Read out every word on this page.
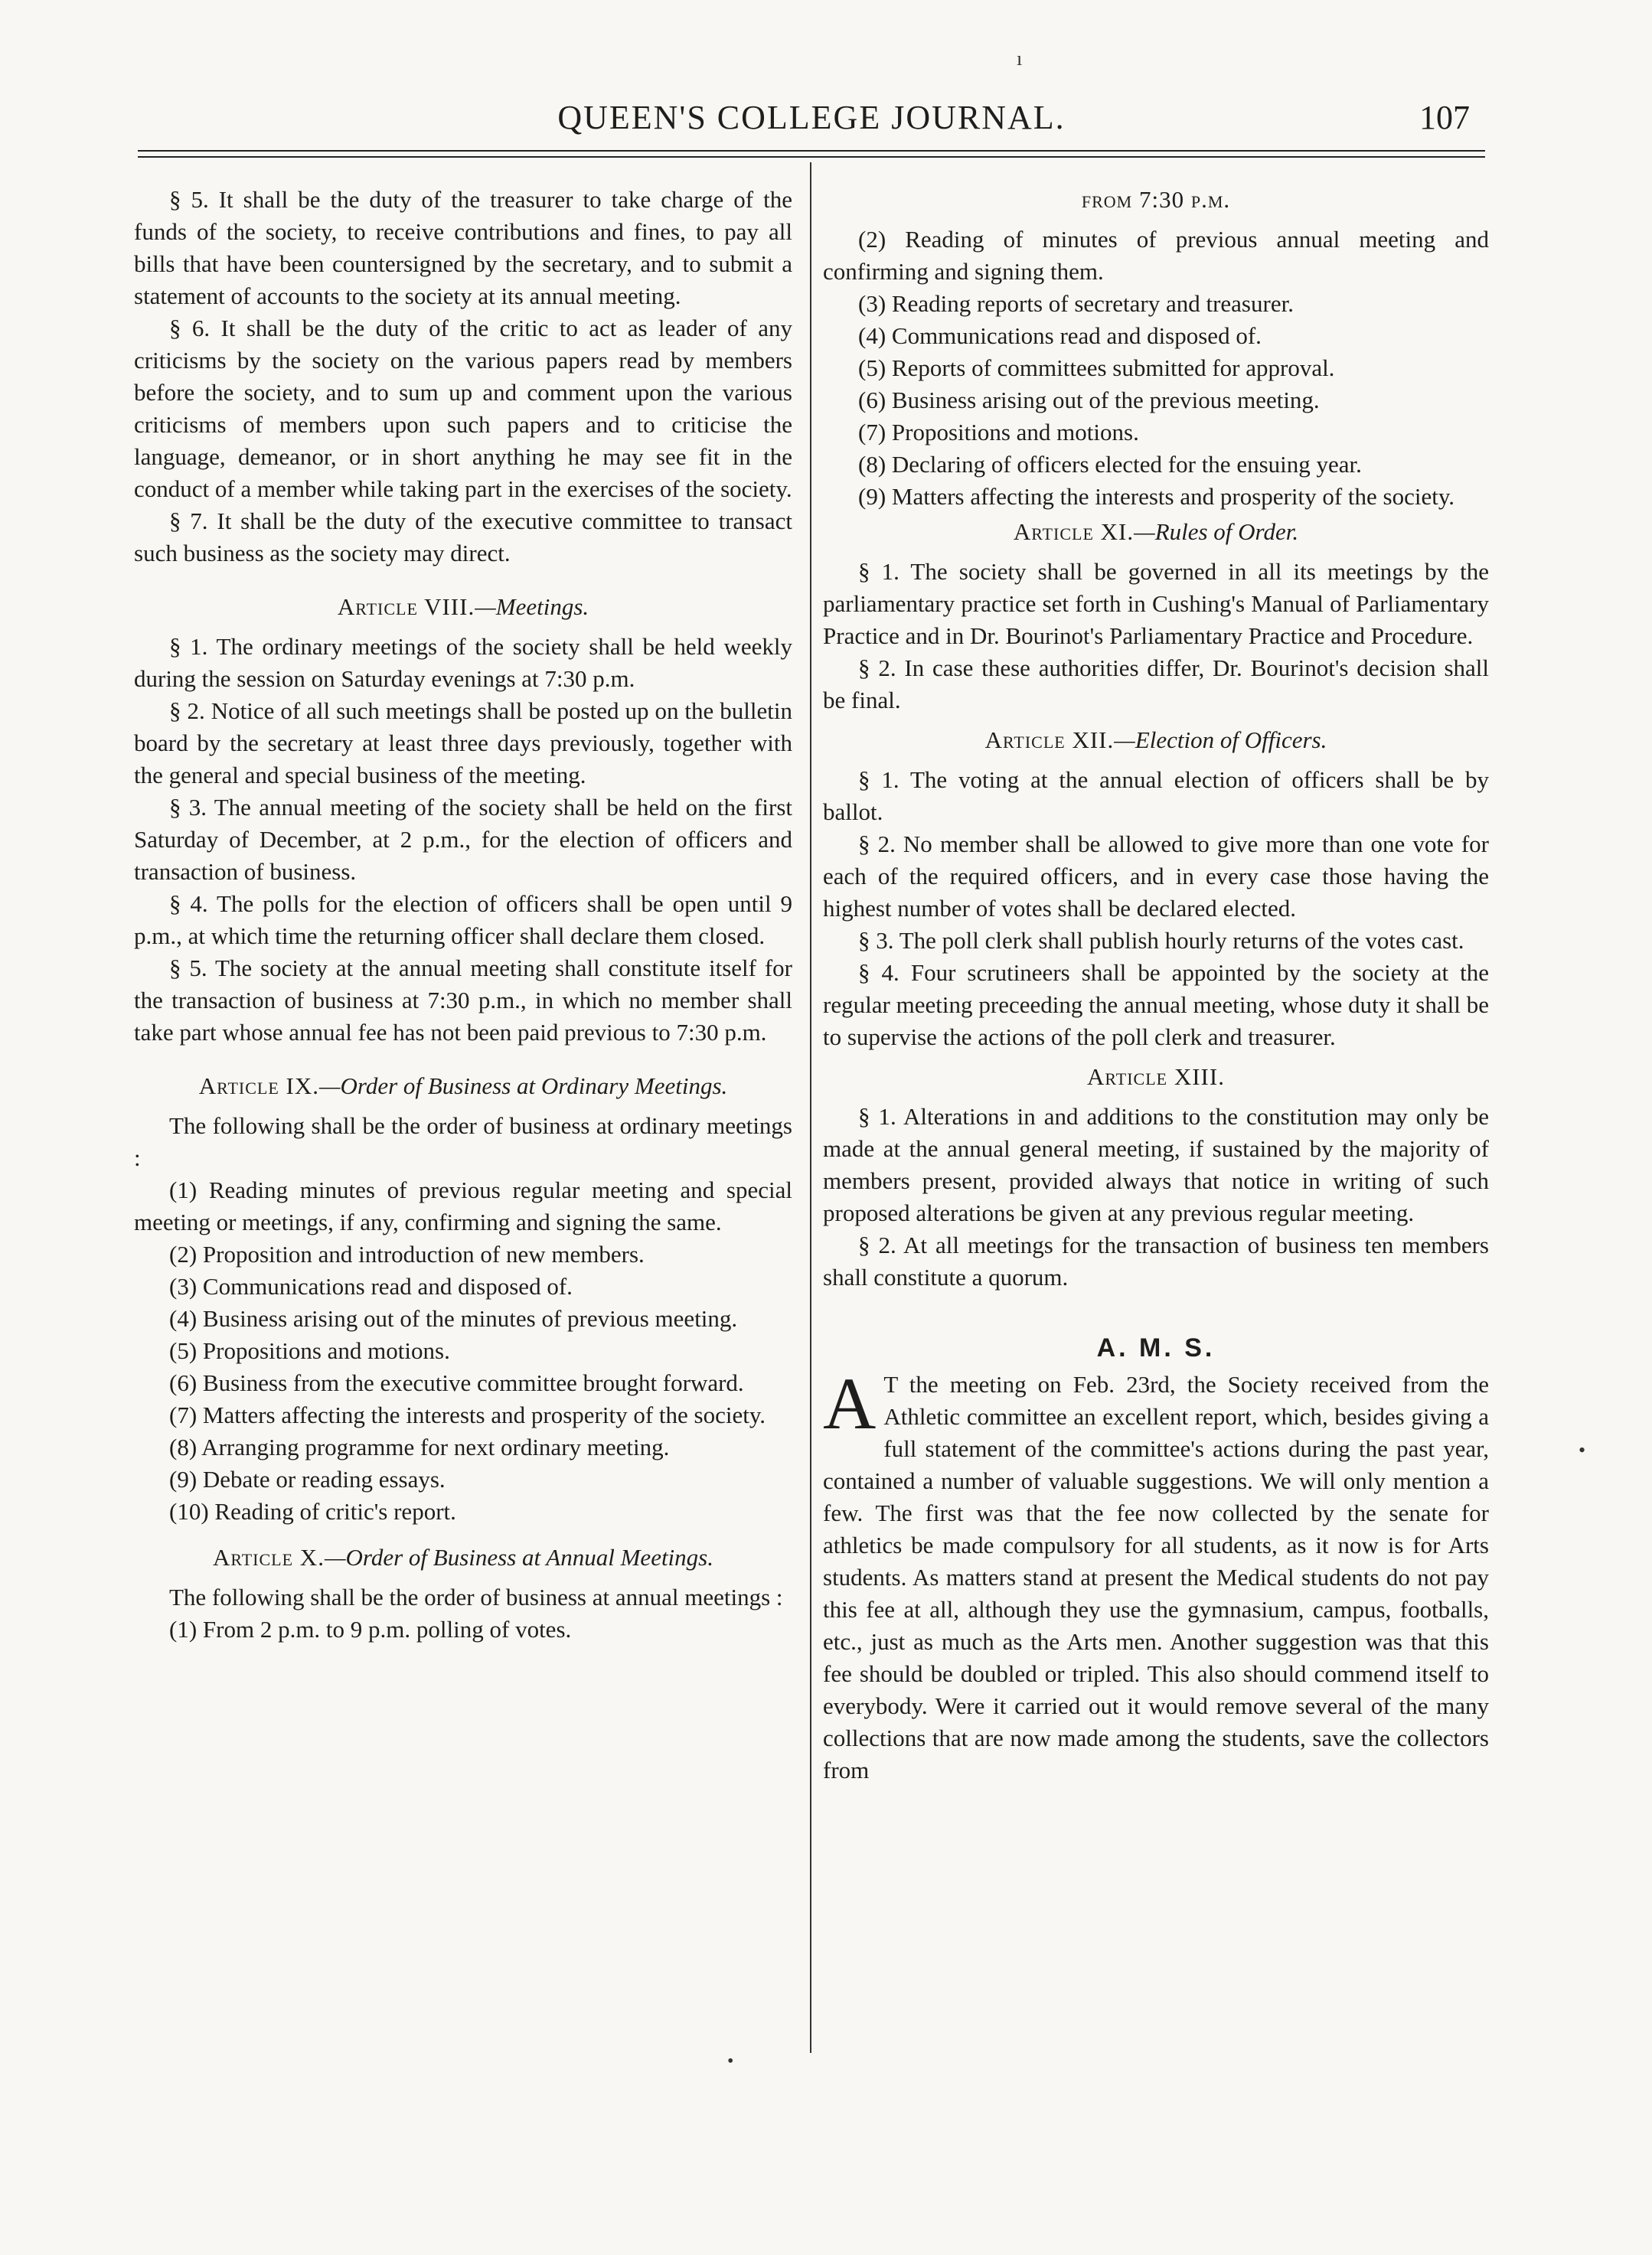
QUEEN'S COLLEGE JOURNAL.	107
ı
•
•

§ 5. It shall be the duty of the treasurer to take charge of the funds of the society, to receive contributions and fines, to pay all bills that have been countersigned by the secretary, and to submit a statement of accounts to the society at its annual meeting.

§ 6. It shall be the duty of the critic to act as leader of any criticisms by the society on the various papers read by members before the society, and to sum up and comment upon the various criticisms of members upon such papers and to criticise the language, demeanor, or in short anything he may see fit in the conduct of a member while taking part in the exercises of the society.

§ 7. It shall be the duty of the executive committee to transact such business as the society may direct.

Article VIII.—Meetings.

§ 1. The ordinary meetings of the society shall be held weekly during the session on Saturday evenings at 7:30 p.m.

§ 2. Notice of all such meetings shall be posted up on the bulletin board by the secretary at least three days previously, together with the general and special business of the meeting.

§ 3. The annual meeting of the society shall be held on the first Saturday of December, at 2 p.m., for the election of officers and transaction of business.

§ 4. The polls for the election of officers shall be open until 9 p.m., at which time the returning officer shall declare them closed.

§ 5. The society at the annual meeting shall constitute itself for the transaction of business at 7:30 p.m., in which no member shall take part whose annual fee has not been paid previous to 7:30 p.m.

Article IX.—Order of Business at Ordinary Meetings.

The following shall be the order of business at ordinary meetings :

(1) Reading minutes of previous regular meeting and special meeting or meetings, if any, confirming and signing the same.

(2) Proposition and introduction of new members.

(3) Communications read and disposed of.

(4) Business arising out of the minutes of previous meeting.

(5) Propositions and motions.

(6) Business from the executive committee brought forward.

(7) Matters affecting the interests and prosperity of the society.

(8) Arranging programme for next ordinary meeting.

(9) Debate or reading essays.

(10) Reading of critic's report.

Article X.—Order of Business at Annual Meetings.

The following shall be the order of business at annual meetings :

(1) From 2 p.m. to 9 p.m. polling of votes.

from 7:30 p.m.

(2) Reading of minutes of previous annual meeting and confirming and signing them.

(3) Reading reports of secretary and treasurer.

(4) Communications read and disposed of.

(5) Reports of committees submitted for approval.

(6) Business arising out of the previous meeting.

(7) Propositions and motions.

(8) Declaring of officers elected for the ensuing year.

(9) Matters affecting the interests and prosperity of the society.

Article XI.—Rules of Order.

§ 1. The society shall be governed in all its meetings by the parliamentary practice set forth in Cushing's Manual of Parliamentary Practice and in Dr. Bourinot's Parliamentary Practice and Procedure.

§ 2. In case these authorities differ, Dr. Bourinot's decision shall be final.

Article XII.—Election of Officers.

§ 1. The voting at the annual election of officers shall be by ballot.

§ 2. No member shall be allowed to give more than one vote for each of the required officers, and in every case those having the highest number of votes shall be declared elected.

§ 3. The poll clerk shall publish hourly returns of the votes cast.

§ 4. Four scrutineers shall be appointed by the society at the regular meeting preceeding the annual meeting, whose duty it shall be to supervise the actions of the poll clerk and treasurer.

Article XIII.

§ 1. Alterations in and additions to the constitution may only be made at the annual general meeting, if sustained by the majority of members present, provided always that notice in writing of such proposed alterations be given at any previous regular meeting.

§ 2. At all meetings for the transaction of business ten members shall constitute a quorum.

A. M. S.

A T the meeting on Feb. 23rd, the Society received from the Athletic committee an excellent report, which, besides giving a full statement of the committee's actions during the past year, contained a number of valuable suggestions. We will only mention a few. The first was that the fee now collected by the senate for athletics be made compulsory for all students, as it now is for Arts students. As matters stand at present the Medical students do not pay this fee at all, although they use the gymnasium, campus, footballs, etc., just as much as the Arts men. Another suggestion was that this fee should be doubled or tripled. This also should commend itself to everybody. Were it carried out it would remove several of the many collections that are now made among the students, save the collectors from
